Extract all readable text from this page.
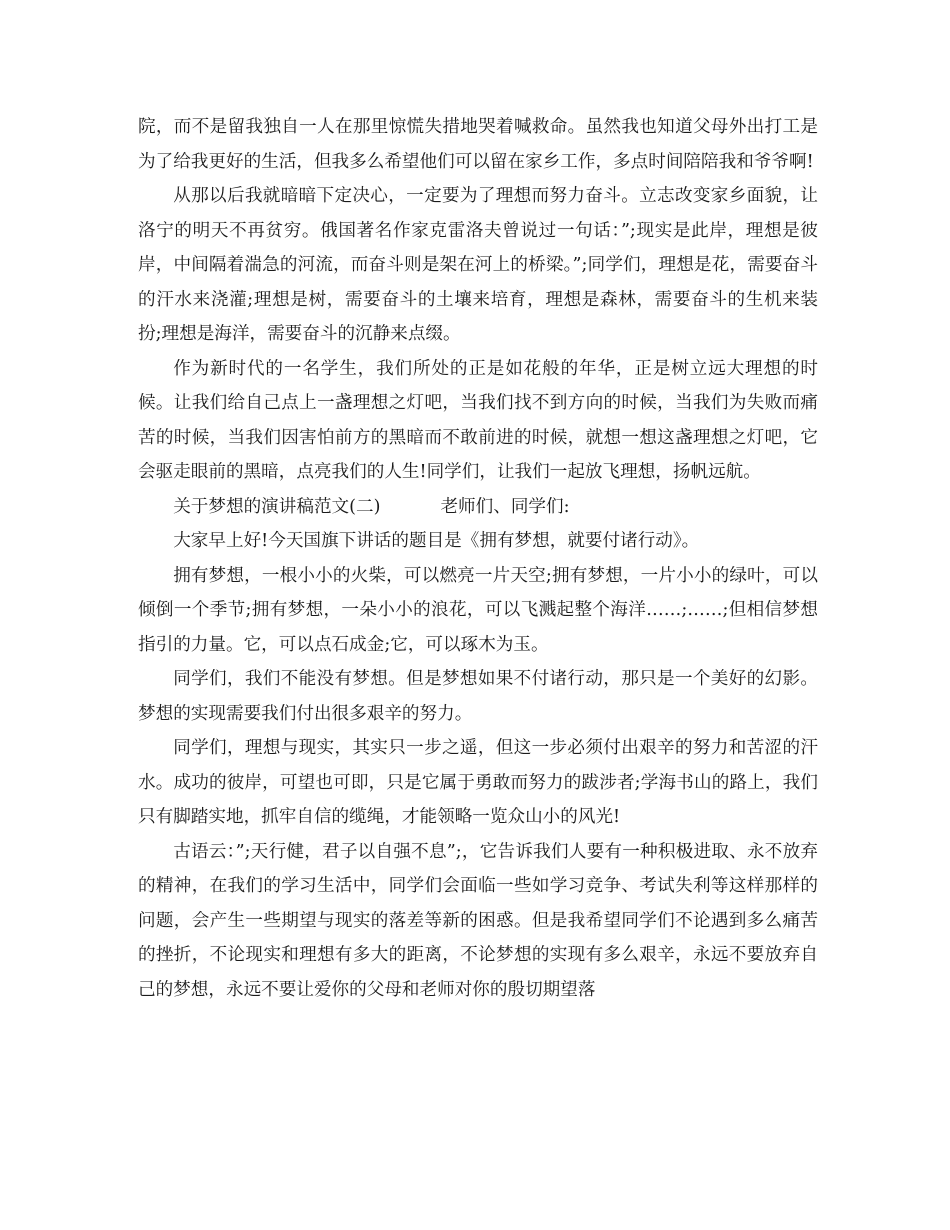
院，而不是留我独自一人在那里惊慌失措地哭着喊救命。虽然我也知道父母外出打工是为了给我更好的生活，但我多么希望他们可以留在家乡工作，多点时间陪陪我和爷爷啊!

从那以后我就暗暗下定决心，一定要为了理想而努力奋斗。立志改变家乡面貌，让洛宁的明天不再贫穷。俄国著名作家克雷洛夫曾说过一句话：”;现实是此岸，理想是彼岸，中间隔着湍急的河流，而奋斗则是架在河上的桥梁。”;同学们，理想是花，需要奋斗的汗水来浇灌;理想是树，需要奋斗的土壤来培育，理想是森林，需要奋斗的生机来装扮;理想是海洋，需要奋斗的沉静来点缀。

作为新时代的一名学生，我们所处的正是如花般的年华，正是树立远大理想的时候。让我们给自己点上一盏理想之灯吧，当我们找不到方向的时候，当我们为失败而痛苦的时候，当我们因害怕前方的黑暗而不敢前进的时候，就想一想这盏理想之灯吧，它会驱走眼前的黑暗，点亮我们的人生!同学们，让我们一起放飞理想，扬帆远航。

关于梦想的演讲稿范文(二)	老师们、同学们:

大家早上好!今天国旗下讲话的题目是《拥有梦想，就要付诸行动》。

拥有梦想，一根小小的火柴，可以燃亮一片天空;拥有梦想，一片小小的绿叶，可以倾倒一个季节;拥有梦想，一朵小小的浪花，可以飞溅起整个海洋……;……;但相信梦想指引的力量。它，可以点石成金;它，可以琢木为玉。

同学们，我们不能没有梦想。但是梦想如果不付诸行动，那只是一个美好的幻影。梦想的实现需要我们付出很多艰辛的努力。

同学们，理想与现实，其实只一步之遥，但这一步必须付出艰辛的努力和苦涩的汗水。成功的彼岸，可望也可即，只是它属于勇敢而努力的跋涉者;学海书山的路上，我们只有脚踏实地，抓牢自信的缆绳，才能领略一览众山小的风光!

古语云：”;天行健，君子以自强不息”;，它告诉我们人要有一种积极进取、永不放弃的精神，在我们的学习生活中，同学们会面临一些如学习竞争、考试失利等这样那样的问题，会产生一些期望与现实的落差等新的困惑。但是我希望同学们不论遇到多么痛苦的挫折，不论现实和理想有多大的距离，不论梦想的实现有多么艰辛，永远不要放弃自己的梦想，永远不要让爱你的父母和老师对你的殷切期望落
